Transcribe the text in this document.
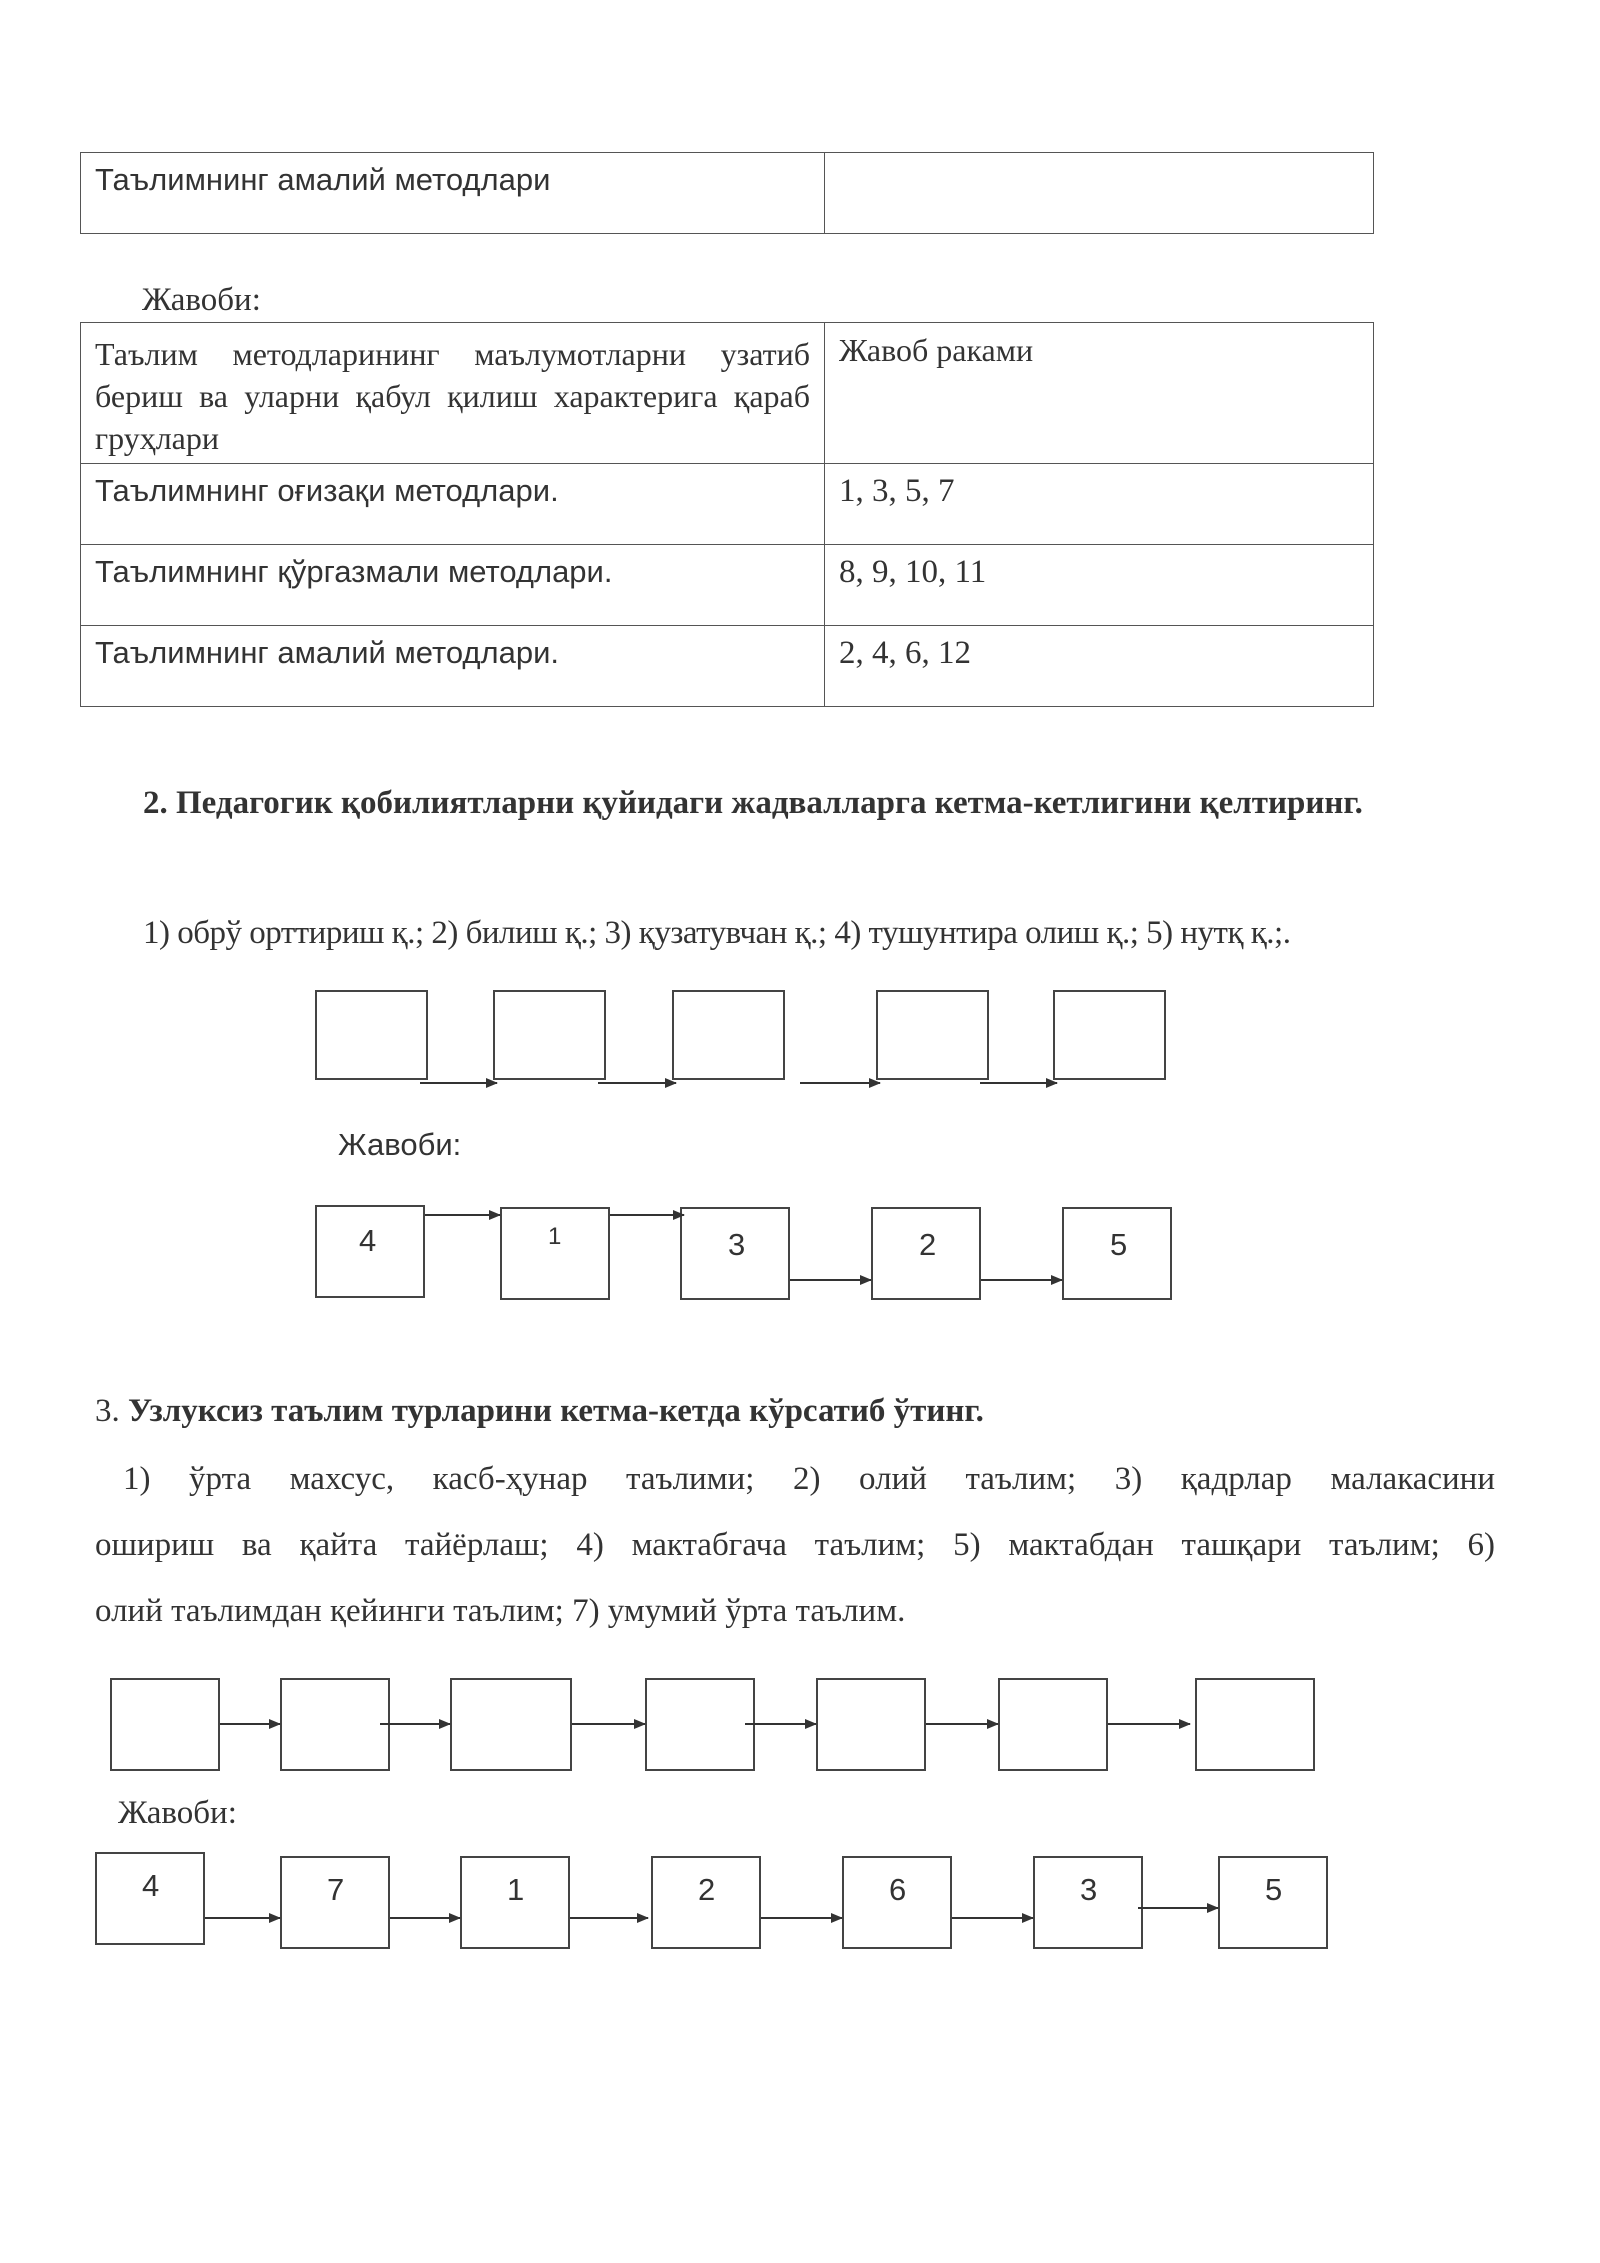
Таълимнинг амалий методлари	
Жавоби:
Таълим методларининг маълумотларни узатиб бериш ва уларни қабул қилиш характерига қараб груҳлари	Жавоб раками
Таълимнинг оғизақи методлари.	1, 3, 5, 7
Таълимнинг қўргазмали методлари.	8, 9, 10, 11
Таълимнинг амалий методлари.	2, 4, 6, 12
2. Педагогик қобилиятларни қуйидаги жадвалларга кетма-кетлигини қелтиринг.
1) обрў орттириш қ.; 2) билиш қ.; 3) қузатувчан қ.; 4) тушунтира олиш қ.; 5) нутқ қ.;.
Жавоби:
4	1	3	2	5
3. Узлуксиз таълим турларини кетма-кетда кўрсатиб ўтинг.
1) ўрта махсус, касб-ҳунар таълими; 2) олий таълим; 3) қадрлар малакасини
ошириш ва қайта тайёрлаш; 4) мактабгача таълим; 5) мактабдан ташқари таълим; 6)
олий таълимдан қейинги таълим; 7) умумий ўрта таълим.
Жавоби:
4	7	1	2	6	3	5
